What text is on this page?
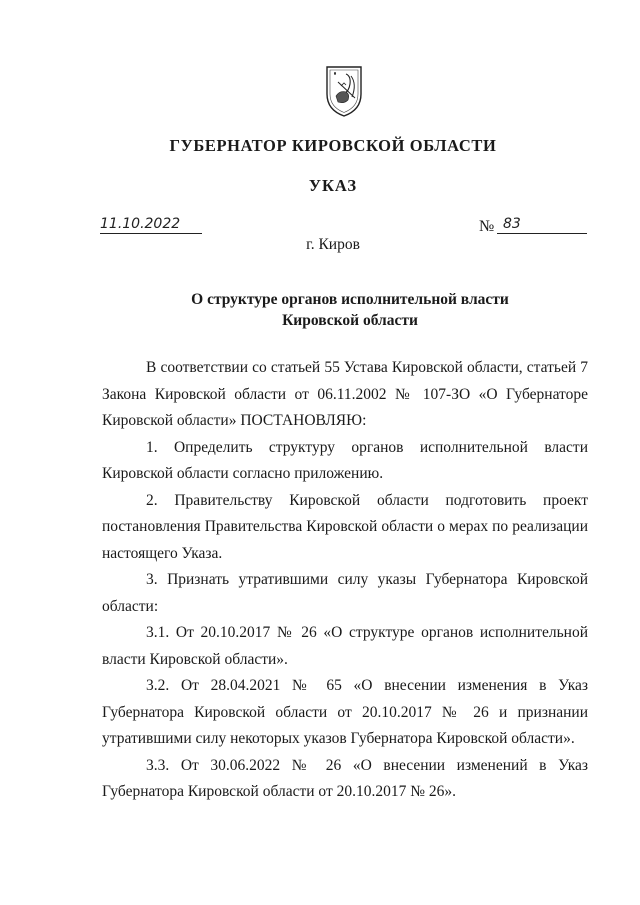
ГУБЕРНАТОР КИРОВСКОЙ ОБЛАСТИ
УКАЗ
11.10.2022	№ 83
г. Киров
О структуре органов исполнительной власти
Кировской области

В соответствии со статьей 55 Устава Кировской области, статьей 7 Закона Кировской области от 06.11.2002 № 107-ЗО «О Губернаторе Кировской области» ПОСТАНОВЛЯЮ:

1. Определить структуру органов исполнительной власти Кировской области согласно приложению.

2. Правительству Кировской области подготовить проект постановления Правительства Кировской области о мерах по реализации настоящего Указа.

3. Признать утратившими силу указы Губернатора Кировской области:

3.1. От 20.10.2017 № 26 «О структуре органов исполнительной власти Кировской области».

3.2. От 28.04.2021 № 65 «О внесении изменения в Указ Губернатора Кировской области от 20.10.2017 № 26 и признании утратившими силу некоторых указов Губернатора Кировской области».

3.3. От 30.06.2022 № 26 «О внесении изменений в Указ Губернатора Кировской области от 20.10.2017 № 26».
